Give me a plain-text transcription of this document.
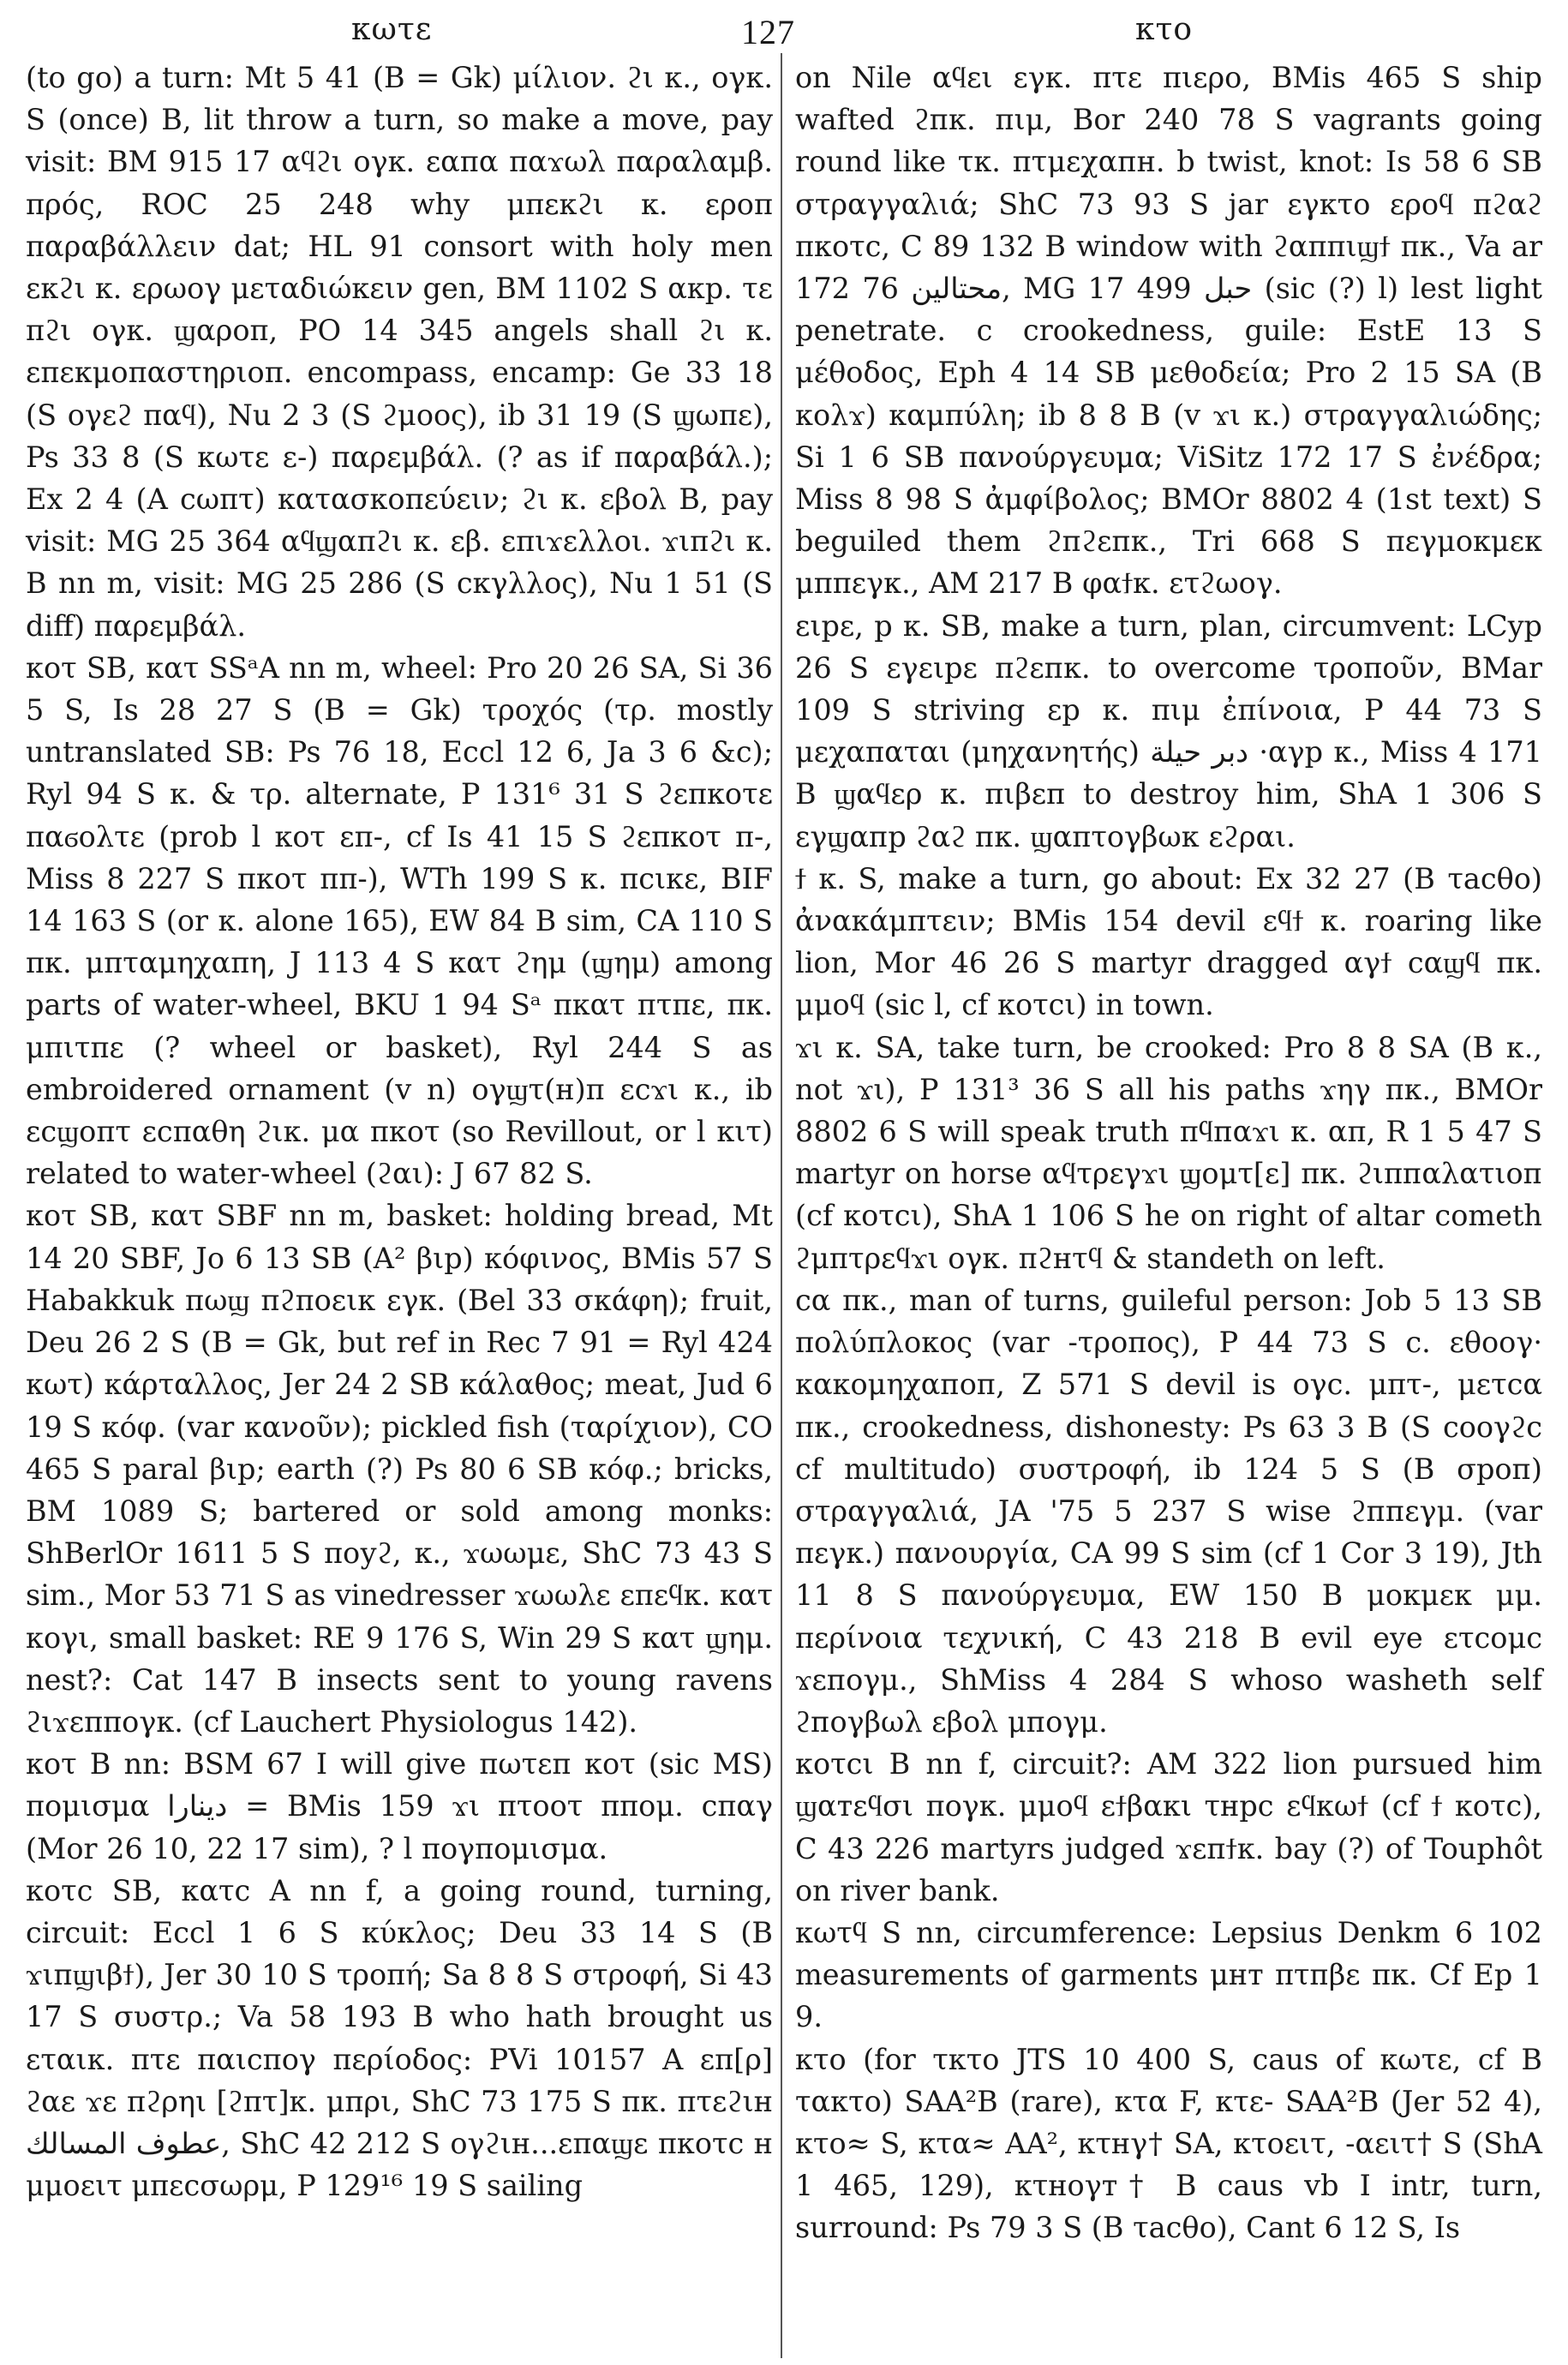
κωτε	127	κτο

(to go) a turn: Mt 5 41 (B = Gk) μίλιον. ϩι κ., ογκ. S (once) B, lit throw a turn, so make a move, pay visit: BM 915 17 αϥϩι ογκ. εαπα παϫωλ παραλαμβ. πρός, ROC 25 248 why μπεκϩι κ. εροπ παραβάλλειν dat; HL 91 consort with holy men εκϩι κ. ερωογ μεταδιώκειν gen, BM 1102 S ακp. τε πϩι ογκ. ϣαροπ, PO 14 345 angels shall ϩι κ. επεκμοπαστηριοπ. encompass, encamp: Ge 33 18 (S ογεϩ παϥ), Nu 2 3 (S ϩμοος), ib 31 19 (S ϣωπε), Ps 33 8 (S κωτε ε-) παρεμβάλ. (? as if παραβάλ.); Ex 2 4 (A сωπτ) κατασκοπεύειν; ϩι κ. εβολ B, pay visit: MG 25 364 αϥϣαπϩι κ. εβ. επιϫελλοι. ϫιπϩι κ. B nn m, visit: MG 25 286 (S сκγλλος), Nu 1 51 (S diff) παρεμβάλ.

κοτ SB, κατ SSᵃA nn m, wheel: Pro 20 26 SA, Si 36 5 S, Is 28 27 S (B = Gk) τροχός (τρ. mostly untranslated SB: Ps 76 18, Eccl 12 6, Ja 3 6 &c); Ryl 94 S κ. & τρ. alternate, P 131⁶ 31 S ϩεπκοτε παϭολτε (prob l κοτ επ-, cf Is 41 15 S ϩεπκοτ π-, Miss 8 227 S πκοτ ππ-), WTh 199 S κ. πсικε, BIF 14 163 S (or κ. alone 165), EW 84 B sim, CA 110 S πκ. μπταμηχαπη, J 113 4 S κατ ϩημ (ϣημ) among parts of water-wheel, BKU 1 94 Sᵃ πκατ πτπε, πκ. μπιτπε (? wheel or basket), Ryl 244 S as embroidered ornament (v n) ογϣτ(н)π εсϫι κ., ib εсϣοπτ εсπαθη ϩικ. μα πκοτ (so Revillout, or l κιτ) related to water-wheel (ϩαι): J 67 82 S.

κοτ SB, κατ SBF nn m, basket: holding bread, Mt 14 20 SBF, Jo 6 13 SB (A² βιр) κόφινος, BMis 57 S Habakkuk πωϣ πϩποεικ εγκ. (Bel 33 σκάφη); fruit, Deu 26 2 S (B = Gk, but ref in Rec 7 91 = Ryl 424 κωτ) κάρταλλος, Jer 24 2 SB κάλαθος; meat, Jud 6 19 S κόφ. (var κανοῦν); pickled fish (ταρίχιον), CO 465 S paral βιр; earth (?) Ps 80 6 SB κόφ.; bricks, BM 1089 S; bartered or sold among monks: ShBerlOr 1611 5 S ποуϩ, κ., ϫωωμε, ShC 73 43 S sim., Mor 53 71 S as vinedresser ϫωωλε επεϥκ. κατ κογι, small basket: RE 9 176 S, Win 29 S κατ ϣημ. nest?: Cat 147 B insects sent to young ravens ϩιϫεππογκ. (cf Lauchert Physiologus 142).

κοτ B nn: BSM 67 I will give πωτεп κοτ (sic MS) πομισμα دينارا = BMis 159 ϫι πτοοτ ππομ. сπαγ (Mor 26 10, 22 17 sim), ? l πογπομισμα.

κοτс SB, κατс A nn f, a going round, turning, circuit: Eccl 1 6 S κύκλος; Deu 33 14 S (B ϫιпϣιβϯ), Jer 30 10 S τροπή; Sa 8 8 S στροφή, Si 43 17 S συστρ.; Va 58 193 B who hath brought us εταικ. πτε παιсπογ περίοδος: PVi 10157 A επ[ρ] ϩαε ϫε πϩρηι [ϩπτ]κ. μπρι, ShC 73 175 S πκ. πτεϩιн عطوف المسالك, ShC 42 212 S ογϩιн...επαϣε πκοτс н μμοειτ μπεсσωρμ, P 129¹⁶ 19 S sailing

on Nile αϥει εγκ. πτε πιερο, BMis 465 S ship wafted ϩпκ. πιμ, Bor 240 78 S vagrants going round like τκ. πτμεχαпн. b twist, knot: Is 58 6 SB στραγγαλιά; ShC 73 93 S jar εγκτο εροϥ πϩαϩ πκοτс, C 89 132 B window with ϩαππιϣϯ πκ., Va ar 172 76 محتالين, MG 17 499 حبل (sic (?) l) lest light penetrate. c crookedness, guile: EstE 13 S μέθοδος, Eph 4 14 SB μεθοδεία; Pro 2 15 SA (B κολϫ) καμπύλη; ib 8 8 B (v ϫι κ.) στραγγαλιώδης; Si 1 6 SB πανούργευμα; ViSitz 172 17 S ἐνέδρα; Miss 8 98 S ἀμφίβολος; BMOr 8802 4 (1st text) S beguiled them ϩпϩεпκ., Tri 668 S πεγμοκμεκ μππεγκ., AM 217 B φαϯκ. ετϩωογ.

ειрε, р κ. SB, make a turn, plan, circumvent: LCyp 26 S εγειрε πϩεпκ. to overcome τροποῦν, BMar 109 S striving εр κ. πιμ ἐπίνοια, P 44 73 S μεχαπαται (μηχανητής) دبر حيلة ·αγр κ., Miss 4 171 B ϣαϥερ κ. πιβεп to destroy him, ShA 1 306 S εγϣαпр ϩαϩ пκ. ϣαπτογβωκ εϩραι.

ϯ κ. S, make a turn, go about: Ex 32 27 (B τасθο) ἀνακάμπτειν; BMis 154 devil εϥϯ κ. roaring like lion, Mor 46 26 S martyr dragged αγϯ сαϣϥ πκ. μμοϥ (sic l, cf κοτсι) in town.

ϫι κ. SA, take turn, be crooked: Pro 8 8 SA (B κ., not ϫι), P 131³ 36 S all his paths ϫηγ πκ., BMOr 8802 6 S will speak truth πϥпαϫι κ. απ, R 1 5 47 S martyr on horse αϥτρεγϫι ϣομτ[ε] πκ. ϩιπпαλατιοп (cf κοτсι), ShA 1 106 S he on right of altar cometh ϩμπτρεϥϫι ογκ. πϩнτϥ & standeth on left.

сα πκ., man of turns, guileful person: Job 5 13 SB πολύπλοκος (var -τροπος), P 44 73 S с. εθοογ· κακομηχαпоп, Z 571 S devil is ογс. μπτ-, μετсα πκ., crookedness, dishonesty: Ps 63 3 B (S сοογϩс cf multitudo) συστροφή, ib 124 5 S (B σроп) στραγγαλιά, JA '75 5 237 S wise ϩппεγμ. (var πεγκ.) πανουργία, CA 99 S sim (cf 1 Cor 3 19), Jth 11 8 S πανούργευμα, EW 150 B μοκμεκ μμ. περίνοια τεχνική, C 43 218 B evil eye ετсομс ϫεпογμ., ShMiss 4 284 S whoso washeth self ϩпογβωλ εβολ μпογμ.

κοτсι B nn f, circuit?: AM 322 lion pursued him ϣαтεϥσι πογκ. μμοϥ εϯβακι τнрс εϥκωϯ (cf ϯ κοτс), C 43 226 martyrs judged ϫεпϯκ. bay (?) of Touphôt on river bank.

κωτϥ S nn, circumference: Lepsius Denkm 6 102 measurements of garments μнт πτпβε πκ. Cf Ep 1 9.

κτο (for τκτο JTS 10 400 S, caus of κωτε, cf B τακτο) SAA²B (rare), κτα F, κτε- SAA²B (Jer 52 4), κτο≈ S, κτα≈ AA², κτнγ† SA, κτοειτ, -αειτ† S (ShA 1 465, 129), κτнογт† B caus vb I intr, turn, surround: Ps 79 3 S (B τасθο), Cant 6 12 S, Is
